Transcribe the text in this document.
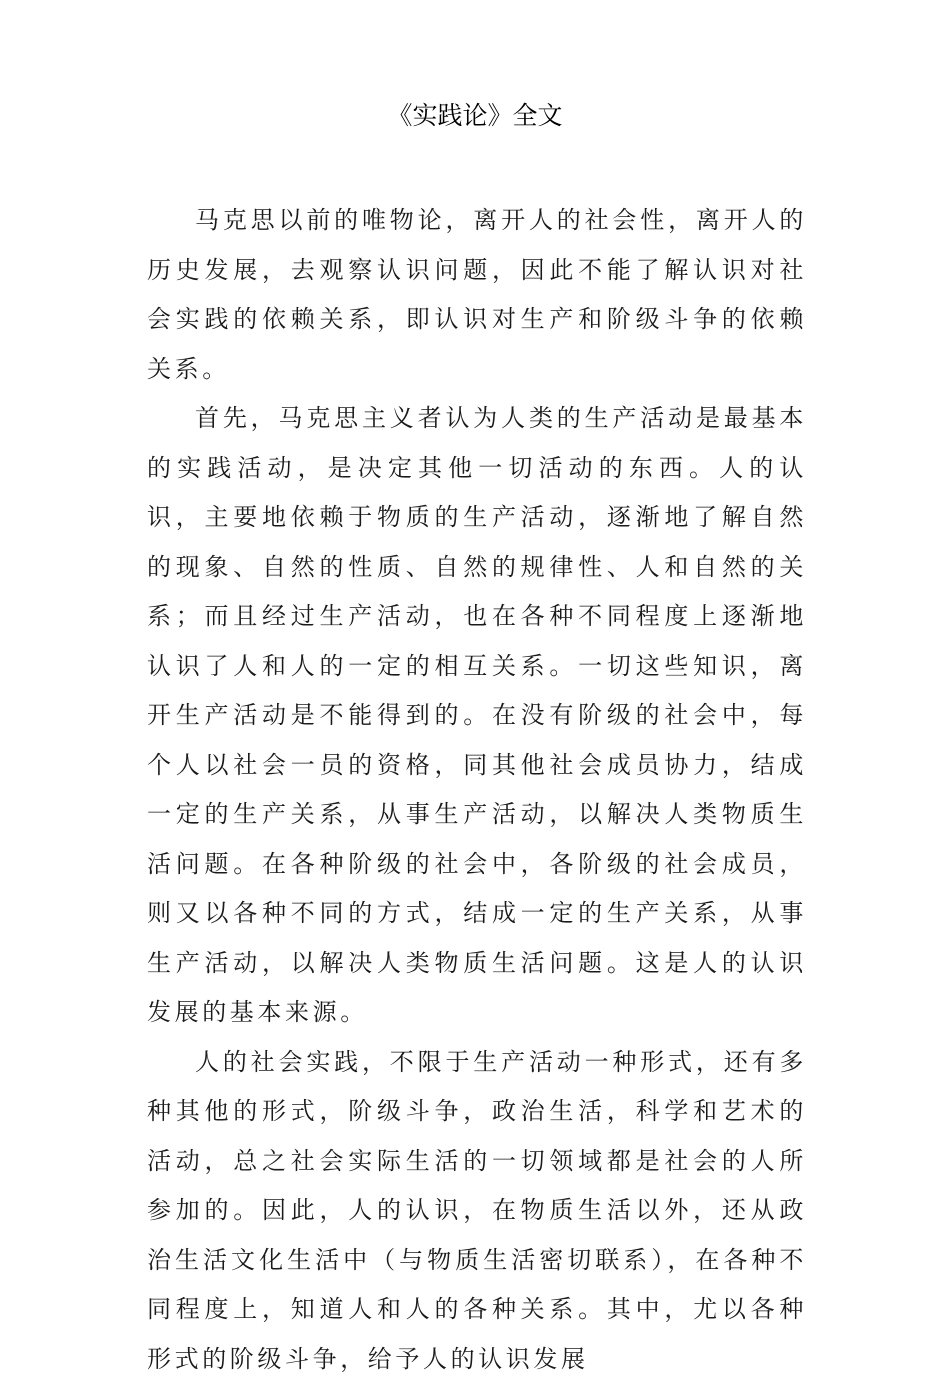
《实践论》全文

马克思以前的唯物论，离开人的社会性，离开人的历史发展，去观察认识问题，因此不能了解认识对社会实践的依赖关系，即认识对生产和阶级斗争的依赖关系。

首先，马克思主义者认为人类的生产活动是最基本的实践活动，是决定其他一切活动的东西。人的认识，主要地依赖于物质的生产活动，逐渐地了解自然的现象、自然的性质、自然的规律性、人和自然的关系；而且经过生产活动，也在各种不同程度上逐渐地认识了人和人的一定的相互关系。一切这些知识，离开生产活动是不能得到的。在没有阶级的社会中，每个人以社会一员的资格，同其他社会成员协力，结成一定的生产关系，从事生产活动，以解决人类物质生活问题。在各种阶级的社会中，各阶级的社会成员，则又以各种不同的方式，结成一定的生产关系，从事生产活动，以解决人类物质生活问题。这是人的认识发展的基本来源。

人的社会实践，不限于生产活动一种形式，还有多种其他的形式，阶级斗争，政治生活，科学和艺术的活动，总之社会实际生活的一切领域都是社会的人所参加的。因此，人的认识，在物质生活以外，还从政治生活文化生活中（与物质生活密切联系），在各种不同程度上，知道人和人的各种关系。其中，尤以各种形式的阶级斗争，给予人的认识发展
